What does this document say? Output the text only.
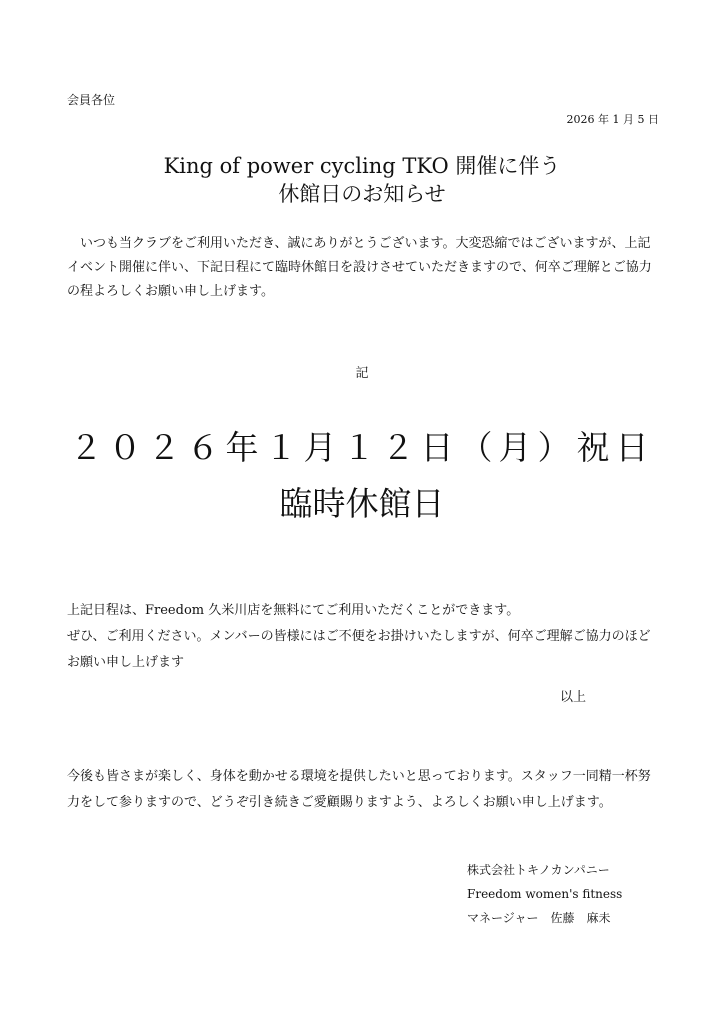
会員各位
2026 年 1 月 5 日
King of power cycling TKO 開催に伴う
休館日のお知らせ
いつも当クラブをご利用いただき、誠にありがとうございます。大変恐縮ではございますが、上記イベント開催に伴い、下記日程にて臨時休館日を設けさせていただきますので、何卒ご理解とご協力の程よろしくお願い申し上げます。
記
２０２６年１月１２日（月）祝日
臨時休館日
上記日程は、Freedom 久米川店を無料にてご利用いただくことができます。
ぜひ、ご利用ください。メンバーの皆様にはご不便をお掛けいたしますが、何卒ご理解ご協力のほどお願い申し上げます
以上
今後も皆さまが楽しく、身体を動かせる環境を提供したいと思っております。スタッフ一同精一杯努力をして参りますので、どうぞ引き続きご愛顧賜りますよう、よろしくお願い申し上げます。
株式会社トキノカンパニー
Freedom women's fitness
マネージャー　佐藤　麻未
